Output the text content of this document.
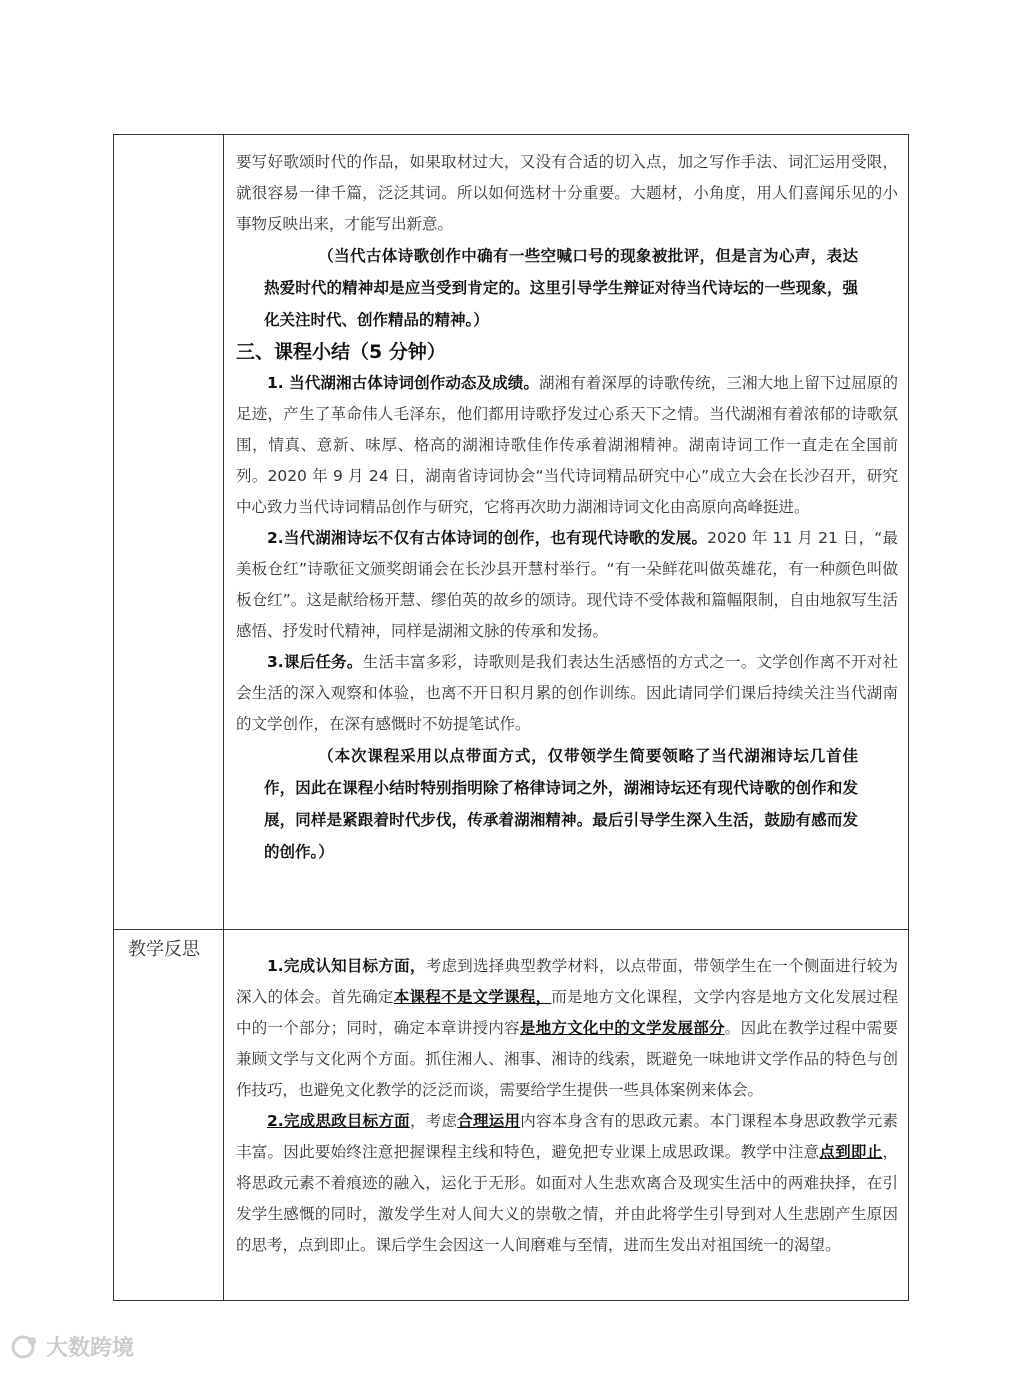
教学反思

要写好歌颂时代的作品，如果取材过大，又没有合适的切入点，加之写作手法、词汇运用受限，就很容易一律千篇，泛泛其词。所以如何选材十分重要。大题材，小角度，用人们喜闻乐见的小事物反映出来，才能写出新意。

（当代古体诗歌创作中确有一些空喊口号的现象被批评，但是言为心声，表达热爱时代的精神却是应当受到肯定的。这里引导学生辩证对待当代诗坛的一些现象，强化关注时代、创作精品的精神。）

三、课程小结（5 分钟）

1. 当代湖湘古体诗词创作动态及成绩。湖湘有着深厚的诗歌传统，三湘大地上留下过屈原的足迹，产生了革命伟人毛泽东，他们都用诗歌抒发过心系天下之情。当代湖湘有着浓郁的诗歌氛围，情真、意新、味厚、格高的湖湘诗歌佳作传承着湖湘精神。湖南诗词工作一直走在全国前列。2020 年 9 月 24 日，湖南省诗词协会“当代诗词精品研究中心”成立大会在长沙召开，研究中心致力当代诗词精品创作与研究，它将再次助力湖湘诗词文化由高原向高峰挺进。

2.当代湖湘诗坛不仅有古体诗词的创作，也有现代诗歌的发展。2020 年 11 月 21 日，“最美板仓红”诗歌征文颁奖朗诵会在长沙县开慧村举行。“有一朵鲜花叫做英雄花，有一种颜色叫做板仓红”。这是献给杨开慧、缪伯英的故乡的颂诗。现代诗不受体裁和篇幅限制，自由地叙写生活感悟、抒发时代精神，同样是湖湘文脉的传承和发扬。

3.课后任务。生活丰富多彩，诗歌则是我们表达生活感悟的方式之一。文学创作离不开对社会生活的深入观察和体验，也离不开日积月累的创作训练。因此请同学们课后持续关注当代湖南的文学创作，在深有感慨时不妨提笔试作。

（本次课程采用以点带面方式，仅带领学生简要领略了当代湖湘诗坛几首佳作，因此在课程小结时特别指明除了格律诗词之外，湖湘诗坛还有现代诗歌的创作和发展，同样是紧跟着时代步伐，传承着湖湘精神。最后引导学生深入生活，鼓励有感而发的创作。）

1.完成认知目标方面，考虑到选择典型教学材料，以点带面，带领学生在一个侧面进行较为深入的体会。首先确定本课程不是文学课程，而是地方文化课程，文学内容是地方文化发展过程中的一个部分；同时，确定本章讲授内容是地方文化中的文学发展部分。因此在教学过程中需要兼顾文学与文化两个方面。抓住湘人、湘事、湘诗的线索，既避免一味地讲文学作品的特色与创作技巧，也避免文化教学的泛泛而谈，需要给学生提供一些具体案例来体会。

2.完成思政目标方面，考虑合理运用内容本身含有的思政元素。本门课程本身思政教学元素丰富。因此要始终注意把握课程主线和特色，避免把专业课上成思政课。教学中注意点到即止，将思政元素不着痕迹的融入，运化于无形。如面对人生悲欢离合及现实生活中的两难抉择，在引发学生感慨的同时，激发学生对人间大义的崇敬之情，并由此将学生引导到对人生悲剧产生原因的思考，点到即止。课后学生会因这一人间磨难与至情，进而生发出对祖国统一的渴望。

大数跨境
